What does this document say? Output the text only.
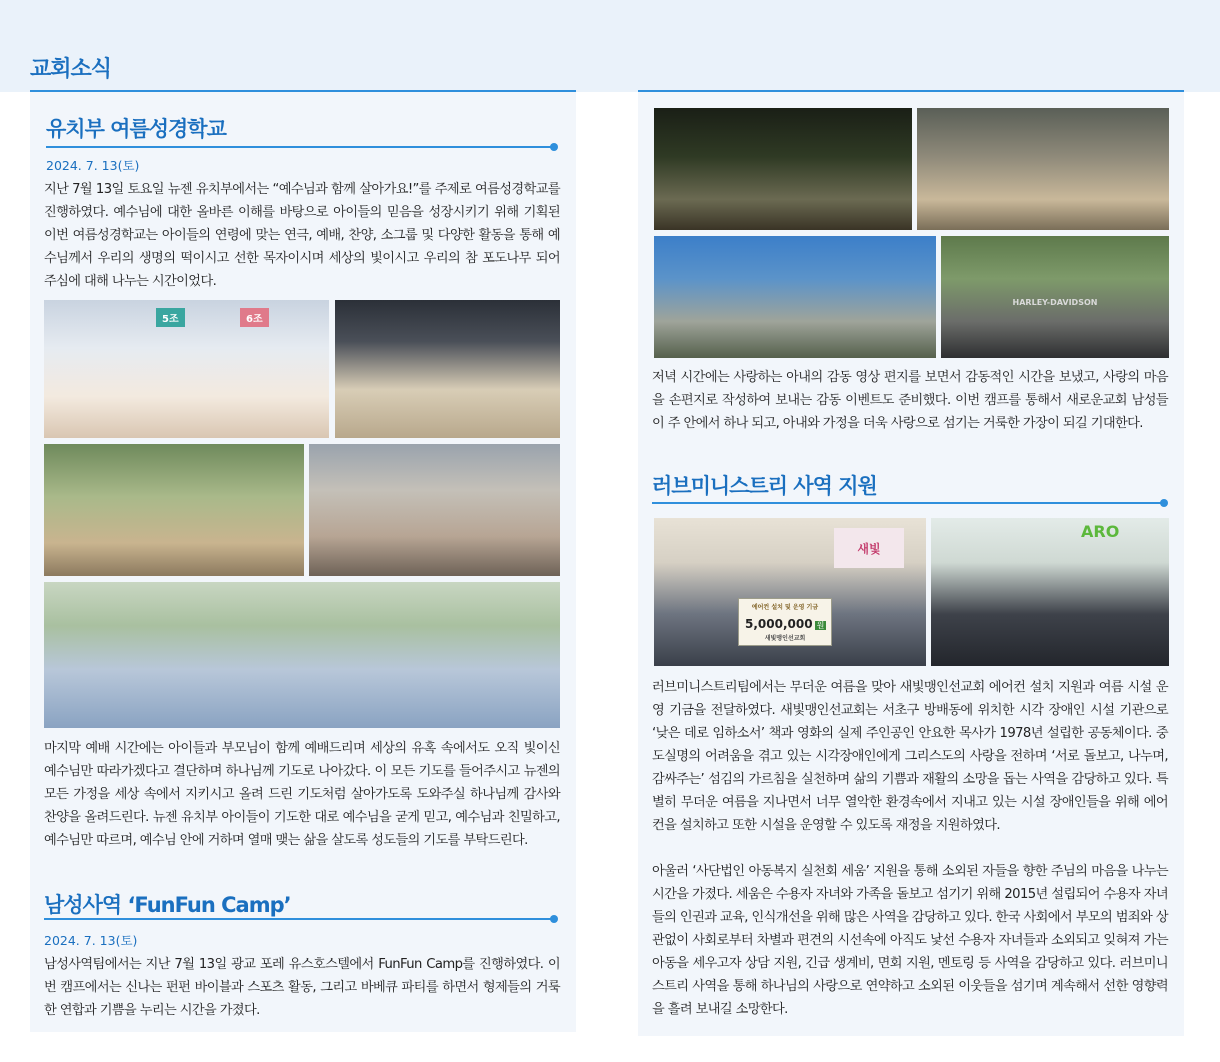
교회소식
유치부 여름성경학교
2024. 7. 13(토)

지난 7월 13일 토요일 뉴젠 유치부에서는 “예수님과 함께 살아가요!”를 주제로 여름성경학교를 진행하였다. 예수님에 대한 올바른 이해를 바탕으로 아이들의 믿음을 성장시키기 위해 기획된 이번 여름성경학교는 아이들의 연령에 맞는 연극, 예배, 찬양, 소그룹 및 다양한 활동을 통해 예수님께서 우리의 생명의 떡이시고 선한 목자이시며 세상의 빛이시고 우리의 참 포도나무 되어 주심에 대해 나누는 시간이었다.

5조	6조

마지막 예배 시간에는 아이들과 부모님이 함께 예배드리며 세상의 유혹 속에서도 오직 빛이신 예수님만 따라가겠다고 결단하며 하나님께 기도로 나아갔다. 이 모든 기도를 들어주시고 뉴젠의 모든 가정을 세상 속에서 지키시고 올려 드린 기도처럼 살아가도록 도와주실 하나님께 감사와 찬양을 올려드린다. 뉴젠 유치부 아이들이 기도한 대로 예수님을 굳게 믿고, 예수님과 친밀하고, 예수님만 따르며, 예수님 안에 거하며 열매 맺는 삶을 살도록 성도들의 기도를 부탁드린다.

남성사역 ‘FunFun Camp’
2024. 7. 13(토)

남성사역팀에서는 지난 7월 13일 광교 포레 유스호스텔에서 FunFun Camp를 진행하였다. 이번 캠프에서는 신나는 펀펀 바이블과 스포츠 활동, 그리고 바베큐 파티를 하면서 형제들의 거룩한 연합과 기쁨을 누리는 시간을 가졌다.

HARLEY-DAVIDSON

저녁 시간에는 사랑하는 아내의 감동 영상 편지를 보면서 감동적인 시간을 보냈고, 사랑의 마음을 손편지로 작성하여 보내는 감동 이벤트도 준비했다. 이번 캠프를 통해서 새로운교회 남성들이 주 안에서 하나 되고, 아내와 가정을 더욱 사랑으로 섬기는 거룩한 가장이 되길 기대한다.

러브미니스트리 사역 지원
새빛
에어컨 설치 및 운영 기금
5,000,000 원
새빛맹인선교회
ARO

러브미니스트리팀에서는 무더운 여름을 맞아 새빛맹인선교회 에어컨 설치 지원과 여름 시설 운영 기금을 전달하였다. 새빛맹인선교회는 서초구 방배동에 위치한 시각 장애인 시설 기관으로 ‘낮은 데로 임하소서’ 책과 영화의 실제 주인공인 안요한 목사가 1978년 설립한 공동체이다. 중도실명의 어려움을 겪고 있는 시각장애인에게 그리스도의 사랑을 전하며 ‘서로 돌보고, 나누며, 감싸주는’ 섬김의 가르침을 실천하며 삶의 기쁨과 재활의 소망을 돕는 사역을 감당하고 있다. 특별히 무더운 여름을 지나면서 너무 열악한 환경속에서 지내고 있는 시설 장애인들을 위해 에어컨을 설치하고 또한 시설을 운영할 수 있도록 재정을 지원하였다.

아울러 ‘사단법인 아동복지 실천회 세움’ 지원을 통해 소외된 자들을 향한 주님의 마음을 나누는 시간을 가졌다. 세움은 수용자 자녀와 가족을 돌보고 섬기기 위해 2015년 설립되어 수용자 자녀들의 인권과 교육, 인식개선을 위해 많은 사역을 감당하고 있다. 한국 사회에서 부모의 범죄와 상관없이 사회로부터 차별과 편견의 시선속에 아직도 낯선 수용자 자녀들과 소외되고 잊혀져 가는 아동을 세우고자 상담 지원, 긴급 생계비, 면회 지원, 멘토링 등 사역을 감당하고 있다. 러브미니스트리 사역을 통해 하나님의 사랑으로 연약하고 소외된 이웃들을 섬기며 계속해서 선한 영향력을 흘려 보내길 소망한다.
